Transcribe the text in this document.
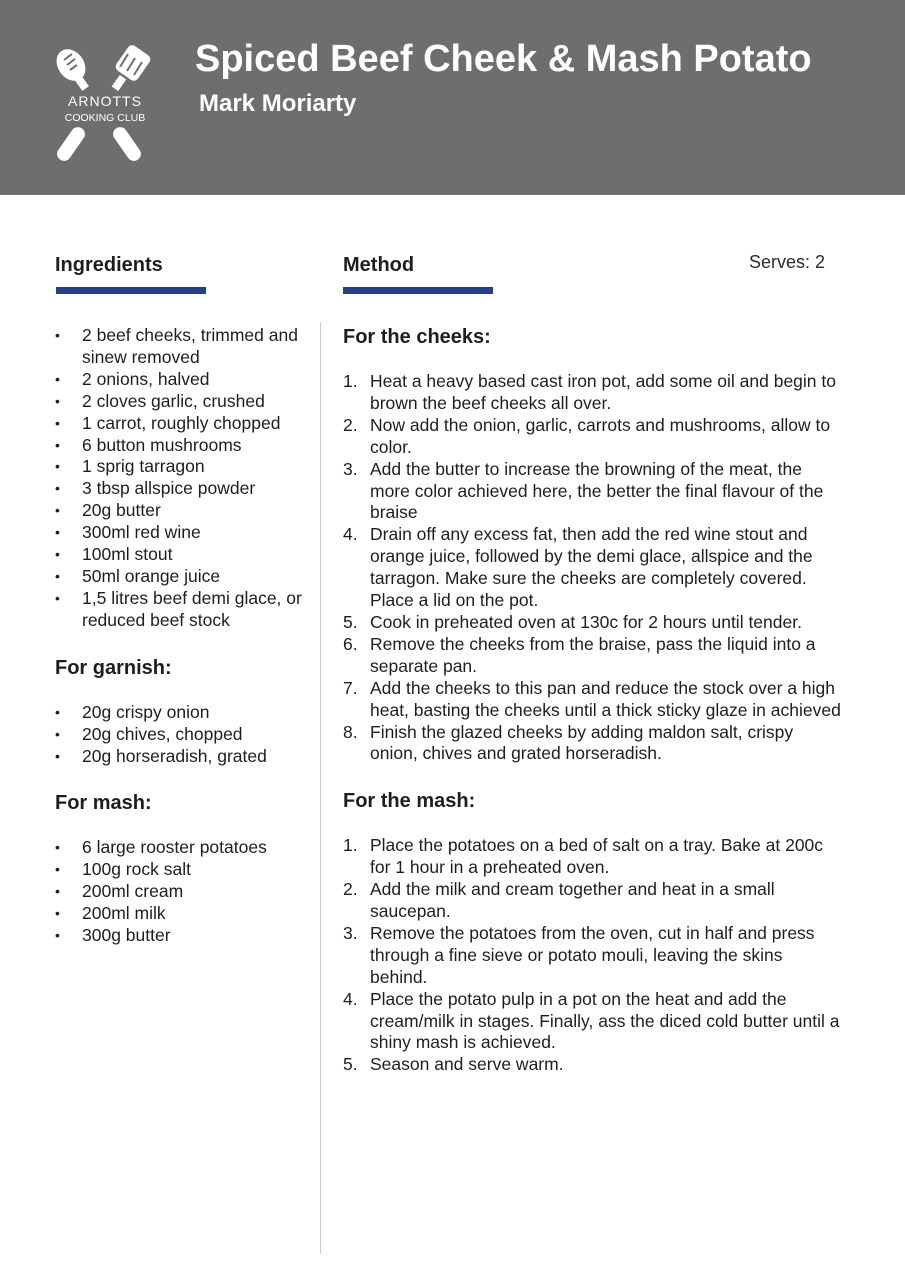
ARNOTTS
COOKING CLUB
Spiced Beef Cheek & Mash Potato
Mark Moriarty
Ingredients	Method	Serves: 2
• 2 beef cheeks, trimmed and sinew removed
• 2 onions, halved
• 2 cloves garlic, crushed
• 1 carrot, roughly chopped
• 6 button mushrooms
• 1 sprig tarragon
• 3 tbsp allspice powder
• 20g butter
• 300ml red wine
• 100ml stout
• 50ml orange juice
• 1,5 litres beef demi glace, or reduced beef stock
For garnish:
• 20g crispy onion
• 20g chives, chopped
• 20g horseradish, grated
For mash:
• 6 large rooster potatoes
• 100g rock salt
• 200ml cream
• 200ml milk
• 300g butter
For the cheeks:
1. Heat a heavy based cast iron pot, add some oil and begin to brown the beef cheeks all over.
2. Now add the onion, garlic, carrots and mushrooms, allow to color.
3. Add the butter to increase the browning of the meat, the more color achieved here, the better the final flavour of the braise
4. Drain off any excess fat, then add the red wine stout and orange juice, followed by the demi glace, allspice and the tarragon. Make sure the cheeks are completely covered. Place a lid on the pot.
5. Cook in preheated oven at 130c for 2 hours until tender.
6. Remove the cheeks from the braise, pass the liquid into a separate pan.
7. Add the cheeks to this pan and reduce the stock over a high heat, basting the cheeks until a thick sticky glaze in achieved
8. Finish the glazed cheeks by adding maldon salt, crispy onion, chives and grated horseradish.
For the mash:
1. Place the potatoes on a bed of salt on a tray. Bake at 200c for 1 hour in a preheated oven.
2. Add the milk and cream together and heat in a small saucepan.
3. Remove the potatoes from the oven, cut in half and press through a fine sieve or potato mouli, leaving the skins behind.
4. Place the potato pulp in a pot on the heat and add the cream/milk in stages. Finally, ass the diced cold butter until a shiny mash is achieved.
5. Season and serve warm.
